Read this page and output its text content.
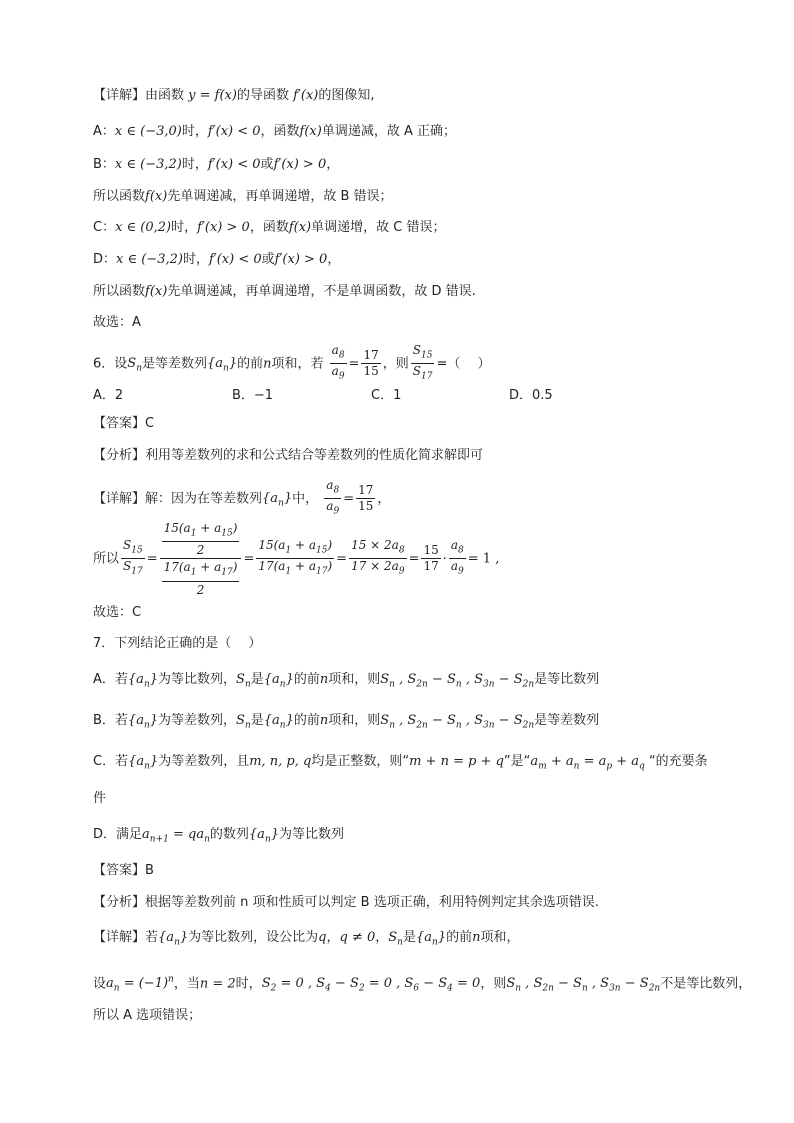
【详解】由函数 y = f(x)的导函数 f′(x)的图像知,
A：x ∈ (−3,0)时，f′(x) < 0，函数f(x)单调递减，故 A 正确；
B：x ∈ (−3,2)时，f′(x) < 0或f′(x) > 0，
所以函数f(x)先单调递减，再单调递增，故 B 错误；
C：x ∈ (0,2)时，f′(x) > 0，函数f(x)单调递增，故 C 错误；
D：x ∈ (−3,2)时，f′(x) < 0或f′(x) > 0，
所以函数f(x)先单调递减，再单调递增，不是单调函数，故 D 错误.
故选：A
6．设$S_n$是等差数列$\{a_n\}$的前n项和，若 $\frac{a_8}{a_9} = \frac{17}{15}$ ，则 $\frac{S_{15}}{S_{17}}$ =（　 ）
A．2	B．−1	C．1	D．0.5
【答案】C
【分析】利用等差数列的求和公式结合等差数列的性质化简求解即可
【详解】解：因为在等差数列$\{a_n\}$中， $\frac{a_8}{a_9} = \frac{17}{15}$ ，
所以 $\frac{S_{15}}{S_{17}} = \frac{\frac{15(a_1 + a_{15})}{2}}{\frac{17(a_1 + a_{17})}{2}} = \frac{15(a_1 + a_{15})}{17(a_1 + a_{17})} = \frac{15 \times 2a_8}{17 \times 2a_9} = \frac{15}{17} \cdot \frac{a_8}{a_9} = 1$ ,
故选：C
7．下列结论正确的是（　 ）
A．若$\{a_n\}$为等比数列，$S_n$是$\{a_n\}$的前n项和，则$S_n$ , $S_{2n} - S_n$ , $S_{3n} - S_{2n}$是等比数列
B．若$\{a_n\}$为等差数列，$S_n$是$\{a_n\}$的前n项和，则$S_n$ , $S_{2n} - S_n$ , $S_{3n} - S_{2n}$是等差数列
C．若$\{a_n\}$为等差数列，且m, n, p, q均是正整数，则“m + n = p + q”是“$a_m + a_n = a_p + a_q$ “的充要条
件
D．满足$a_{n+1} = qa_n$的数列$\{a_n\}$为等比数列
【答案】B
【分析】根据等差数列前 n 项和性质可以判定 B 选项正确，利用特例判定其余选项错误.
【详解】若$\{a_n\}$为等比数列，设公比为q，q ≠ 0，$S_n$是$\{a_n\}$的前n项和，
设$a_n = (-1)^n$，当n = 2时，$S_2 = 0$ , $S_4 - S_2 = 0$ , $S_6 - S_4 = 0$，则$S_n$ , $S_{2n} - S_n$ , $S_{3n} - S_{2n}$不是等比数列，
所以 A 选项错误；
